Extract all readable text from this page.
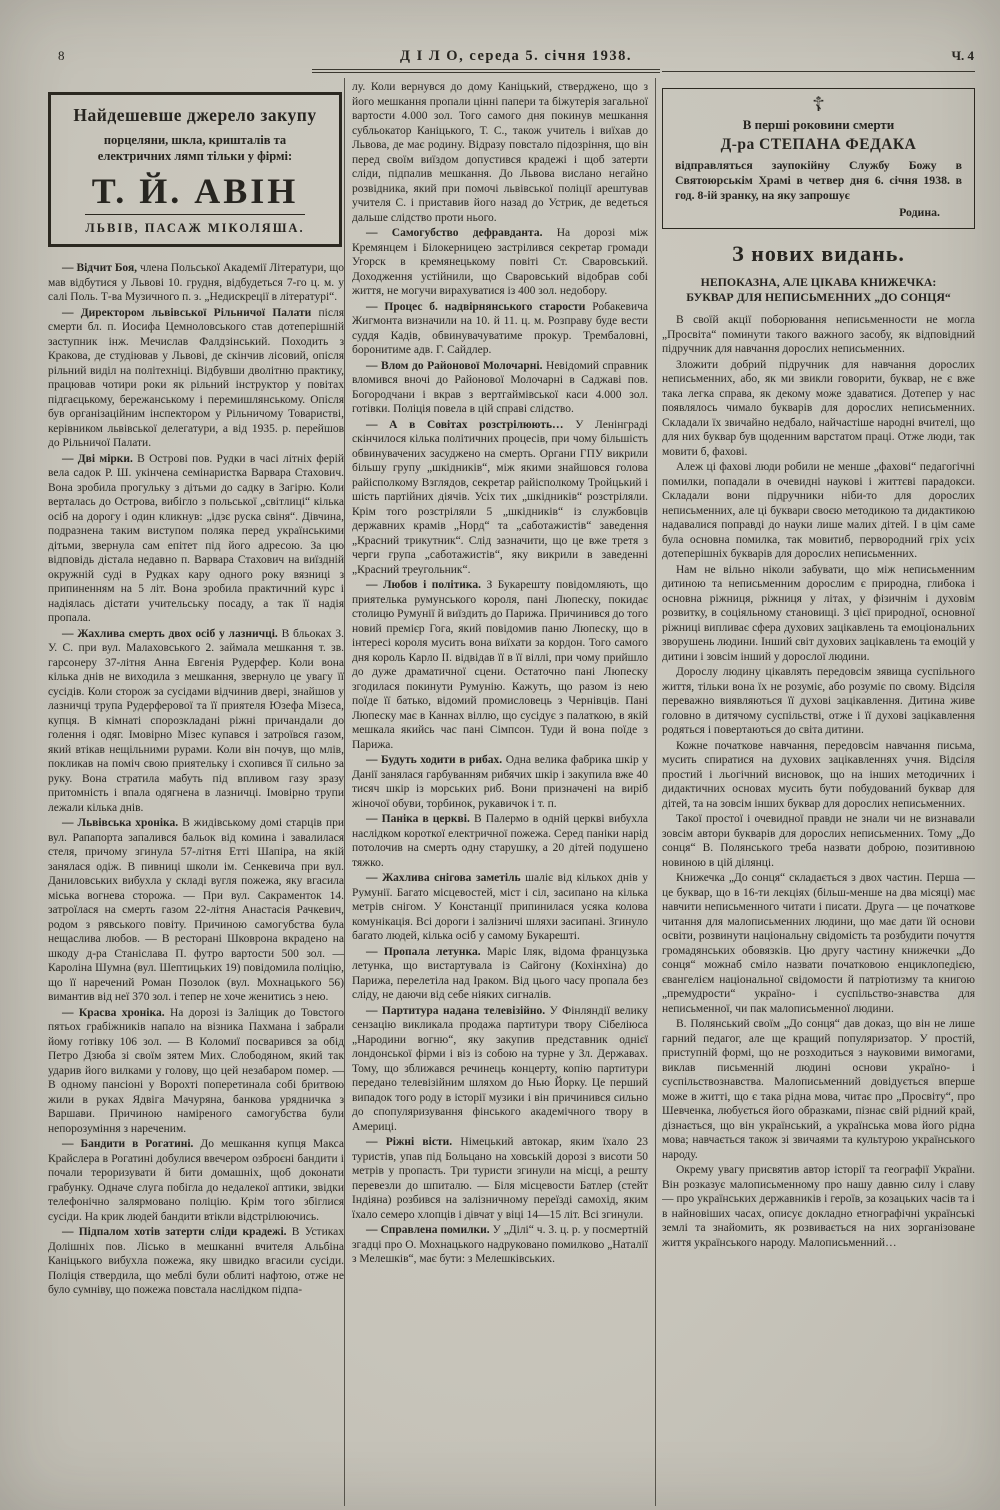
8	Д І Л О, середа 5. січня 1938.	Ч. 4
Найдешевше джерело закупу
порцеляни, шкла, кришталів та
електричних лямп тільки у фірмі:
Т. Й. АВІН
ЛЬВІВ, ПАСАЖ МІКОЛЯША.

— Відчит Боя, члена Польської Академії Літератури, що мав відбутися у Львові 10. грудня, відбудеться 7-го ц. м. у салі Поль. Т-ва Музичного п. з. „Недискреції в літературі“.

— Директором львівської Рільничої Палати після смерти бл. п. Иосифа Цемноловського став дотеперішній заступник інж. Мечислав Фалдзінський. Походить з Кракова, де студіював у Львові, де скінчив лісовий, опісля рільний виділ на політехніці. Відбувши дволітню практику, працював чотири роки як рільний інструктор у повітах підгаєцькому, бережанському і перемишлянському. Опісля був організаційним інспектором у Рільничому Товаристві, керівником львівської делегатури, а від 1935. р. перейшов до Рільничої Палати.

— Дві мірки. В Острові пов. Рудки в часі літніх ферій вела садок Р. Ш. укінчена семінаристка Варвара Стахович. Вона зробила прогульку з дітьми до садку в Загірю. Коли верталась до Острова, вибігло з польської „світлиці“ кілька осіб на дорогу і один кликнув: „ідзє руска свіня“. Дівчина, подразнена таким виступом поляка перед українськими дітьми, звернула сам епітет під його адресою. За цю відповідь дістала недавно п. Варвара Стахович на виїздній окружній суді в Рудках кару одного року вязниці з припиненням на 5 літ. Вона зробила практичний курс і надіялась дістати учительську посаду, а так її надія пропала.

— Жахлива смерть двох осіб у лазничці. В бльоках З. У. С. при вул. Малаховського 2. займала мешкання т. зв. гарсонеру 37-літня Анна Евгенія Рудерфер. Коли вона кілька днів не виходила з мешкання, звернуло це увагу її сусідів. Коли сторож за сусідами відчинив двері, знайшов у лазничці трупа Рудерферової та її приятеля Юзефа Мізеса, купця. В кімнаті спорозкладані ріжні причандали до голення і одяг. Імовірно Мізес купався і затроївся газом, який втікав нещільними рурами. Коли він почув, що млів, покликав на поміч свою приятельку і схопився її сильно за руку. Вона стратила мабуть під впливом газу зразу притомність і впала одягнена в лазничці. Імовірно трупи лежали кілька днів.

— Львівська хроніка. В жидівському домі старців при вул. Рапапорта запалився бальок від комина і завалилася стеля, причому згинула 57-літня Етті Шапіра, на якій занялася одіж. В пивниці школи ім. Сенкевича при вул. Даниловських вибухла у складі вугля пожежа, яку вгасила міська вогнева сторожа. — При вул. Сакраменток 14. затроїлася на смерть газом 22-літня Анастасія Рачкевич, родом з рявського повіту. Причиною самогубства була нещаслива любов. — В ресторані Шковрона вкрадено на шкоду д-ра Станіслава П. футро вартости 500 зол. — Кароліна Шумна (вул. Шептицьких 19) повідомила поліцію, що її наречений Роман Позолок (вул. Мохнацького 56) вимантив від неї 370 зол. і тепер не хоче женитись з нею.

— Красва хроніка. На дорозі із Заліщик до Товстого пятьох грабіжників напало на візника Пахмана і забрали йому готівку 106 зол. — В Коломиї посварився за обід Петро Дзюба зі своїм зятем Мих. Слободяном, який так ударив його вилками у голову, що цей незабаром помер. — В одному пансіоні у Ворохті поперетинала собі бритвою жили в руках Ядвіга Мачуряна, банкова урядничка з Варшави. Причиною наміреного самогубства були непорозуміння з нареченим.

— Бандити в Рогатині. До мешкання купця Макса Крайслера в Рогатині добулися ввечером озброєні бандити і почали тероризувати й бити домашніх, щоб доконати грабунку. Одначе слуга побігла до недалекої аптики, звідки телефонічно залярмовано поліцію. Крім того збіглися сусіди. На крик людей бандити втікли відстрілюючись.

— Підпалом хотів затерти сліди крадежі. В Устиках Долішніх пов. Лісько в мешканні вчителя Альбіна Каніцького вибухла пожежа, яку швидко вгасили сусіди. Поліція ствердила, що меблі були облиті нафтою, отже не було сумніву, що пожежа повстала наслідком підпа-

лу. Коли вернувся до дому Каніцький, стверджено, що з його мешкання пропали цінні папери та біжутерія загальної вартости 4.000 зол. Того самого дня покинув мешкання субльокатор Каніцького, Т. С., також учитель і виїхав до Львова, де має родину. Відразу повстало підозріння, що він перед своїм виїздом допустився крадежі і щоб затерти сліди, підпалив мешкання. До Львова вислано негайно розвідника, який при помочі львівської поліції арештував учителя С. і приставив його назад до Устрик, де ведеться дальше слідство проти нього.

— Самогубство дефравданта. На дорозі між Кремянцем і Білокерницею застрілився секретар громади Угорск в кремянецькому повіті Ст. Сваровський. Доходження устійнили, що Сваровський відобрав собі життя, не могучи вирахуватися із 400 зол. недобору.

— Процес б. надвірнянського старости Робакевича Жигмонта визначили на 10. й 11. ц. м. Розправу буде вести суддя Кадів, обвинувачуватиме прокур. Трембаловні, боронитиме адв. Г. Сайдлер.

— Влом до Районової Молочарні. Невідомий справник вломився вночі до Районової Молочарні в Саджаві пов. Богородчани і вкрав з вертгаймівської каси 4.000 зол. готівки. Поліція повела в цій справі слідство.

— А в Совітах розстрілюють… У Ленінграді скінчилося кілька політичних процесів, при чому більшість обвинувачених засуджено на смерть. Органи ГПУ викрили більшу групу „шкідників“, між якими знайшовся голова райісполкому Взглядов, секретар райісполкому Тройцький і шість партійних діячів. Усіх тих „шкідників“ розстріляли. Крім того розстріляли 5 „шкідників“ із службовців державних крамів „Норд“ та „саботажистів“ заведення „Красний трикутник“. Слід зазначити, що це вже третя з черги група „саботажистів“, яку викрили в заведенні „Красний треугольник“.

— Любов і політика. З Букарешту повідомляють, що приятелька румунського короля, пані Люпеску, покидає столицю Румунії й виїздить до Парижа. Причинився до того новий премієр Гога, який повідомив паню Люпеску, що в інтересі короля мусить вона виїхати за кордон. Того самого дня король Карло II. відвідав її в її віллі, при чому прийшло до дуже драматичної сцени. Остаточно пані Люпеску згодилася покинути Румунію. Кажуть, що разом із нею поїде її батько, відомий промисловець з Чернівців. Пані Люпеску має в Каннах віллю, що сусідує з палаткою, в якій мешкала якийсь час пані Сімпсон. Туди й вона поїде з Парижа.

— Будуть ходити в рибах. Одна велика фабрика шкір у Данії занялася гарбуванням рибячих шкір і закупила вже 40 тисяч шкір із морських риб. Вони призначені на виріб жіночої обуви, торбинок, рукавичок і т. п.

— Паніка в церкві. В Палермо в одній церкві вибухла наслідком короткої електричної пожежа. Серед паніки нарід потолочив на смерть одну старушку, а 20 дітей подушено тяжко.

— Жахлива снігова заметіль шаліє від кількох днів у Румунії. Багато місцевостей, міст і сіл, засипано на кілька метрів снігом. У Констанції припинилася усяка колова комунікація. Всі дороги і залізничі шляхи засипані. Згинуло багато людей, кілька осіб у самому Букарешті.

— Пропала летунка. Маріс Іляк, відома французька летунка, що вистартувала із Сайгону (Кохінхіна) до Парижа, перелетіла над Іраком. Від цього часу пропала без сліду, не даючи від себе ніяких сигналів.

— Партитура надана телевізійно. У Фінляндії велику сензацію викликала продажа партитури твору Сібеліюса „Народини вогню“, яку закупив представник однієї лондонської фірми і віз із собою на турне у Зл. Державах. Тому, що зближався речинець концерту, копію партитури передано телевізійним шляхом до Нью Йорку. Це перший випадок того роду в історії музики і він причинився сильно до спопуляризування фінського академічного твору в Америці.

— Ріжні вісти. Німецький автокар, яким їхало 23 туристів, упав під Больцано на ховській дорозі з висоти 50 метрів у пропасть. Три туристи згинули на місці, а решту перевезли до шпиталю. — Біля місцевости Батлер (стейт Індіяна) розбився на залізничному переїзді самохід, яким їхало семеро хлопців і дівчат у віці 14—15 літ. Всі згинули.

— Справлена помилки. У „Ділі“ ч. 3. ц. р. у посмертній згадці про О. Мохнацького надруковано помилково „Наталії з Мелешків“, має бути: з Мелешківських.

☦
В перші роковини смерти
Д-ра СТЕПАНА ФЕДАКА
відправляться заупокійну Службу Божу в Святоюрськім Храмі в четвер дня 6. січня 1938. в год. 8-ій зранку, на яку запрошує
Родина.
З нових видань.
НЕПОКАЗНА, АЛЕ ЦІКАВА КНИЖЕЧКА:
БУКВАР ДЛЯ НЕПИСЬМЕННИХ „ДО СОНЦЯ“

В своїй акції поборювання неписьменности не могла „Просвіта“ поминути такого важного засобу, як відповідний підручник для навчання дорослих неписьменних.

Зложити добрий підручник для навчання дорослих неписьменних, або, як ми звикли говорити, буквар, не є вже така легка справа, як декому може здаватися. Дотепер у нас появлялось чимало букварів для дорослих неписьменних. Складали їх звичайно недбало, найчастіше народні вчителі, що для них буквар був щоденним варстатом праці. Отже люди, так мовити б, фахові.

Алеж ці фахові люди робили не менше „фахові“ педагогічні помилки, попадали в очевидні наукові і життєві парадокси. Складали вони підручники ніби-то для дорослих неписьменних, але ці буквари своєю методикою та дидактикою надавалися поправді до науки лише малих дітей. І в цім саме була основна помилка, так мовитиб, первородний гріх усіх дотеперішніх букварів для дорослих неписьменних.

Нам не вільно ніколи забувати, що між неписьменним дитиною та неписьменним дорослим є природна, глибока і основна ріжниця, ріжниця у літах, у фізичнім і духовім розвитку, в соціяльному становищі. З цієї природної, основної ріжниці випливає сфера духових зацікавлень та емоціональних зворушень людини. Інший світ духових зацікавлень та емоцій у дитини і зовсім інший у дорослої людини.

Дорослу людину цікавлять передовсім зявища суспільного життя, тільки вона їх не розуміє, або розуміє по свому. Відсіля переважно виявляються її духові зацікавлення. Дитина живе головно в дитячому суспільстві, отже і її духові зацікавлення родяться і повертаються до світа дитини.

Кожне початкове навчання, передовсім навчання письма, мусить спиратися на духових зацікавленнях учня. Відсіля простий і льогічний висновок, що на інших методичних і дидактичних основах мусить бути побудований буквар для дітей, та на зовсім інших буквар для дорослих неписьменних.

Такої простої і очевидної правди не знали чи не визнавали зовсім автори букварів для дорослих неписьменних. Тому „До сонця“ В. Полянського треба назвати доброю, позитивною новиною в цій ділянці.

Книжечка „До сонця“ складається з двох частин. Перша — це буквар, що в 16-ти лекціях (більш-менше на два місяці) має навчити неписьменного читати і писати. Друга — це початкове читання для малописьменних людини, що має дати їй основи освіти, розвинути національну свідомість та розбудити почуття громадянських обовязків. Цю другу частину книжечки „До сонця“ можнаб сміло назвати початковою енциклопедією, євангелієм національної свідомости й патріотизму та книгою „премудрости“ україно- і суспільство-знавства для неписьменної, чи пак малописьменної людини.

В. Полянський своїм „До сонця“ дав доказ, що він не лише гарний педагог, але ще кращий популяризатор. У простій, приступній формі, що не розходиться з науковими вимогами, виклав письменній людині основи україно- і суспільствознавства. Малописьменний довідується вперше може в житті, що є така рідна мова, читає про „Просвіту“, про Шевченка, любується його образками, пізнає свій рідний край, дізнається, що він український, а українська мова його рідна мова; навчається також зі звичаями та культурою українського народу.

Окрему увагу присвятив автор історії та географії України. Він розказує малописьменному про нашу давню силу і славу — про українських державників і героїв, за козацьких часів та і в найновіших часах, описує докладно етнографічні українські землі та знайомить, як розвивається на них зорганізоване життя українського народу. Малописьменний…
